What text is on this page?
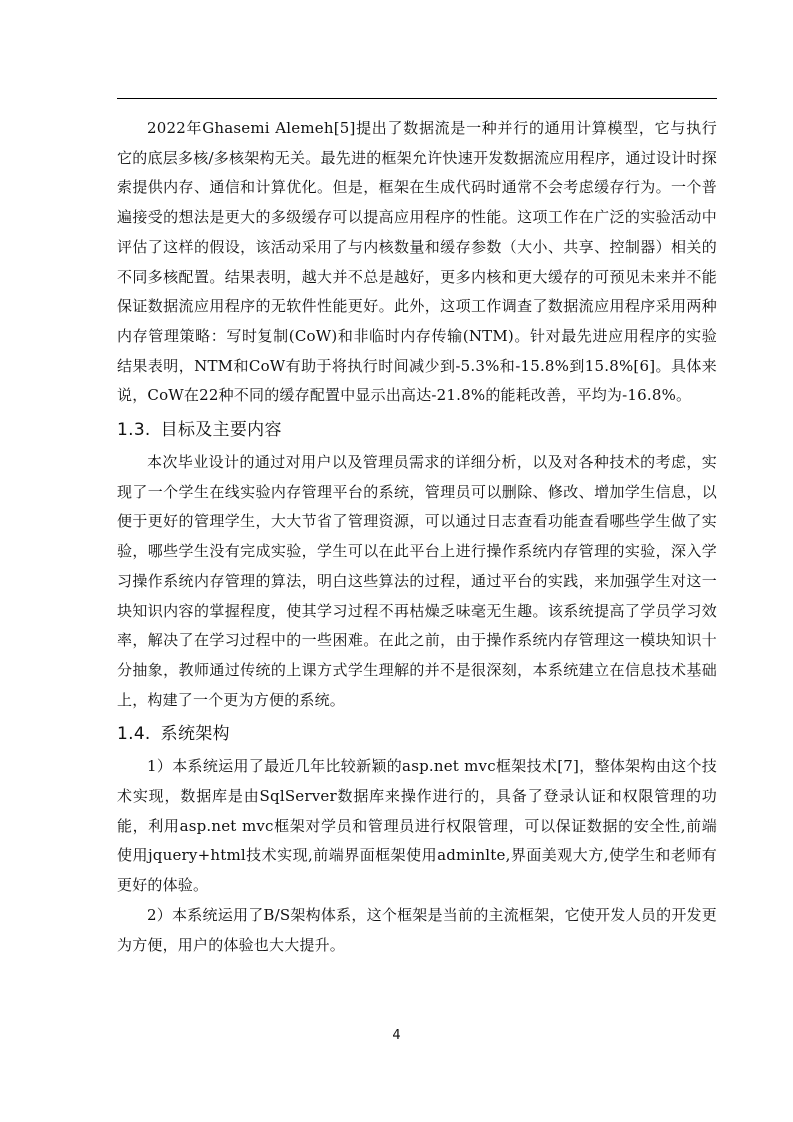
2022年Ghasemi Alemeh[5]提出了数据流是一种并行的通用计算模型，它与执行它的底层多核/多核架构无关。最先进的框架允许快速开发数据流应用程序，通过设计时探索提供内存、通信和计算优化。但是，框架在生成代码时通常不会考虑缓存行为。一个普遍接受的想法是更大的多级缓存可以提高应用程序的性能。这项工作在广泛的实验活动中评估了这样的假设，该活动采用了与内核数量和缓存参数（大小、共享、控制器）相关的不同多核配置。结果表明，越大并不总是越好，更多内核和更大缓存的可预见未来并不能保证数据流应用程序的无软件性能更好。此外，这项工作调查了数据流应用程序采用两种内存管理策略：写时复制(CoW)和非临时内存传输(NTM)。针对最先进应用程序的实验结果表明，NTM和CoW有助于将执行时间减少到-5.3%和-15.8%到15.8%[6]。具体来说，CoW在22种不同的缓存配置中显示出高达-21.8%的能耗改善，平均为-16.8%。

1.3. 目标及主要内容

本次毕业设计的通过对用户以及管理员需求的详细分析，以及对各种技术的考虑，实现了一个学生在线实验内存管理平台的系统，管理员可以删除、修改、增加学生信息，以便于更好的管理学生，大大节省了管理资源，可以通过日志查看功能查看哪些学生做了实验，哪些学生没有完成实验，学生可以在此平台上进行操作系统内存管理的实验，深入学习操作系统内存管理的算法，明白这些算法的过程，通过平台的实践，来加强学生对这一块知识内容的掌握程度，使其学习过程不再枯燥乏味毫无生趣。该系统提高了学员学习效率，解决了在学习过程中的一些困难。在此之前，由于操作系统内存管理这一模块知识十分抽象，教师通过传统的上课方式学生理解的并不是很深刻，本系统建立在信息技术基础上，构建了一个更为方便的系统。

1.4. 系统架构

1）本系统运用了最近几年比较新颖的asp.net mvc框架技术[7]，整体架构由这个技术实现，数据库是由SqlServer数据库来操作进行的，具备了登录认证和权限管理的功能，利用asp.net mvc框架对学员和管理员进行权限管理，可以保证数据的安全性,前端使用jquery+html技术实现,前端界面框架使用adminlte,界面美观大方,使学生和老师有更好的体验。

2）本系统运用了B/S架构体系，这个框架是当前的主流框架，它使开发人员的开发更为方便，用户的体验也大大提升。

4
